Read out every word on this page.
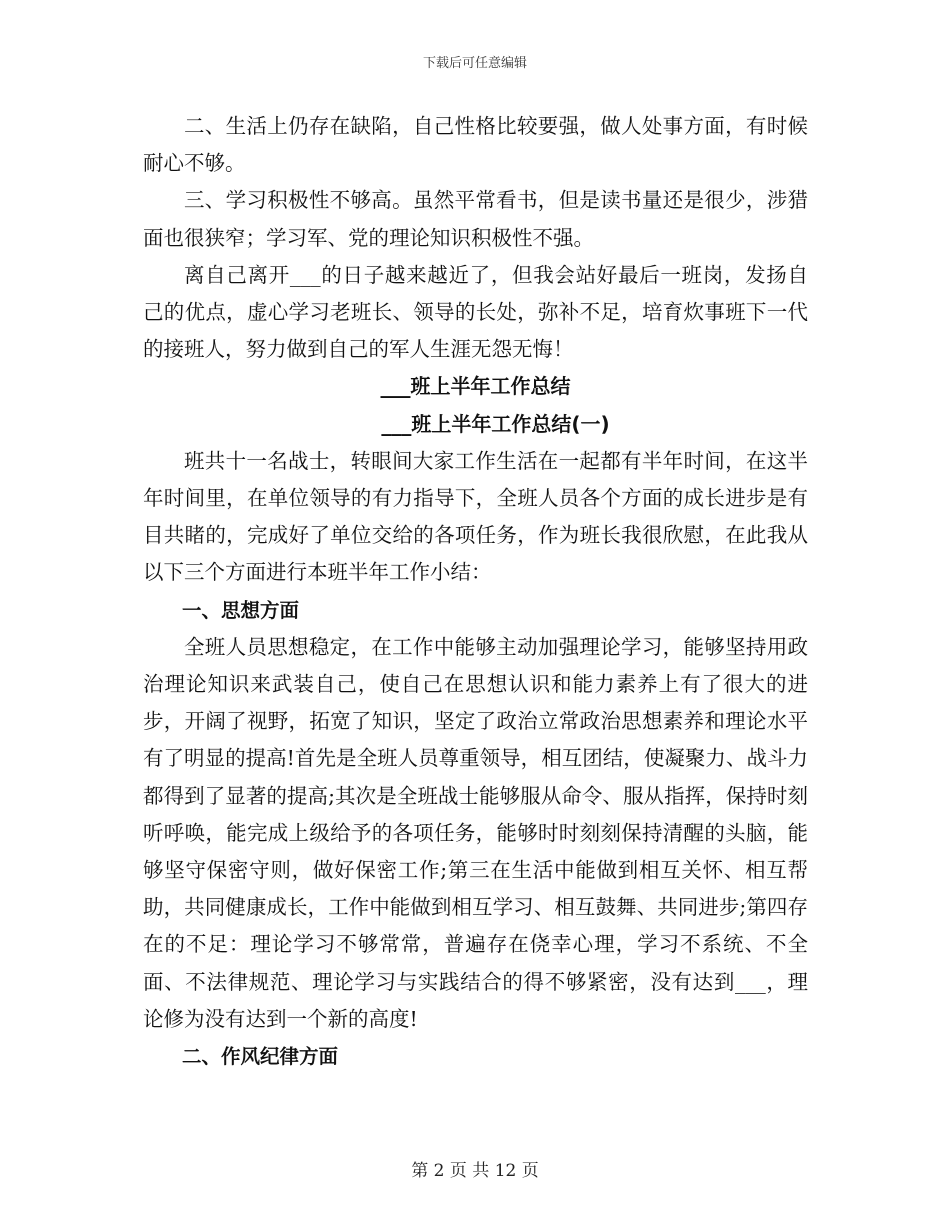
下载后可任意编辑

二、生活上仍存在缺陷，自己性格比较要强，做人处事方面，有时候耐心不够。

三、学习积极性不够高。虽然平常看书，但是读书量还是很少，涉猎面也很狭窄；学习军、党的理论知识积极性不强。

离自己离开___的日子越来越近了，但我会站好最后一班岗，发扬自己的优点，虚心学习老班长、领导的长处，弥补不足，培育炊事班下一代的接班人，努力做到自己的军人生涯无怨无悔！

___班上半年工作总结

___班上半年工作总结(一)

班共十一名战士，转眼间大家工作生活在一起都有半年时间，在这半年时间里，在单位领导的有力指导下，全班人员各个方面的成长进步是有目共睹的，完成好了单位交给的各项任务，作为班长我很欣慰，在此我从以下三个方面进行本班半年工作小结：

一、思想方面

全班人员思想稳定，在工作中能够主动加强理论学习，能够坚持用政治理论知识来武装自己，使自己在思想认识和能力素养上有了很大的进步，开阔了视野，拓宽了知识，坚定了政治立常政治思想素养和理论水平有了明显的提高!首先是全班人员尊重领导，相互团结，使凝聚力、战斗力都得到了显著的提高;其次是全班战士能够服从命令、服从指挥，保持时刻听呼唤，能完成上级给予的各项任务，能够时时刻刻保持清醒的头脑，能够坚守保密守则，做好保密工作;第三在生活中能做到相互关怀、相互帮助，共同健康成长，工作中能做到相互学习、相互鼓舞、共同进步;第四存在的不足：理论学习不够常常，普遍存在侥幸心理，学习不系统、不全面、不法律规范、理论学习与实践结合的得不够紧密，没有达到___，理论修为没有达到一个新的高度!

二、作风纪律方面

第 2 页 共 12 页
